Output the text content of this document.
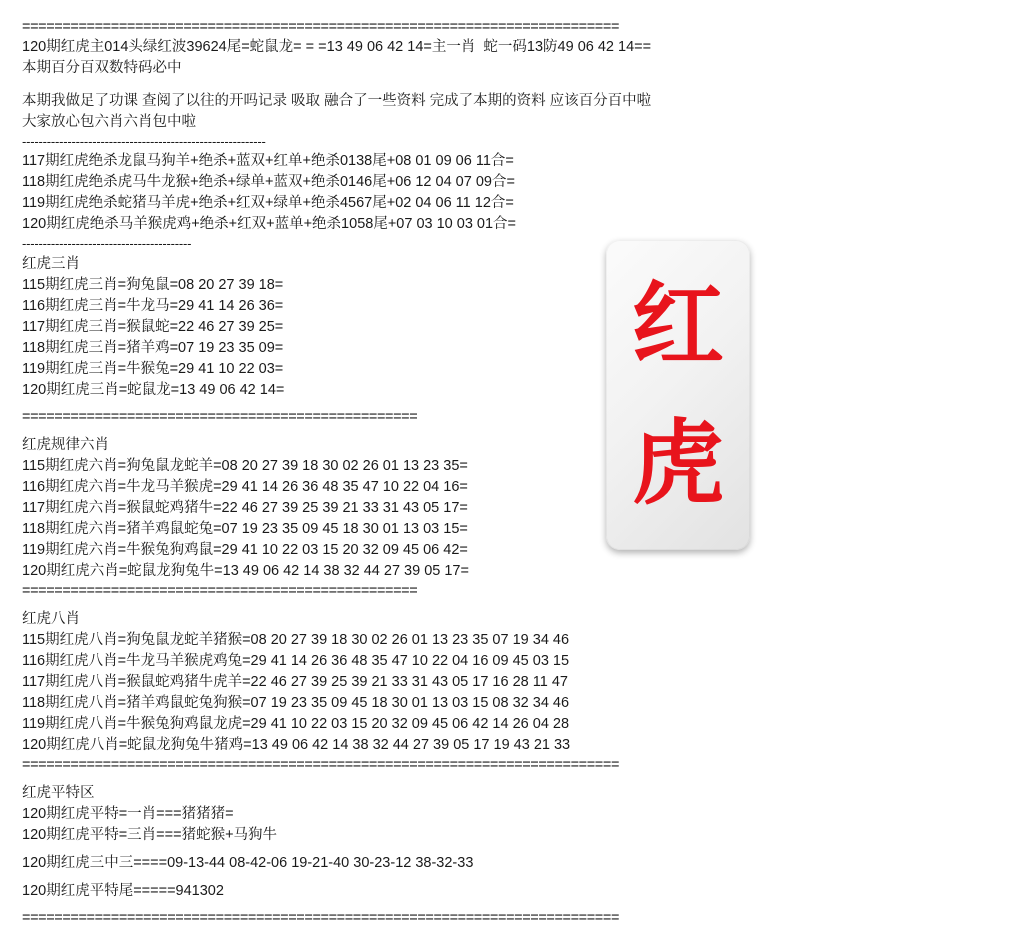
==========================================================================
120期红虎主014头绿红波39624尾=蛇鼠龙= = =13 49 06 42 14=主一肖  蛇一码13防49 06 42 14==
本期百分百双数特码必中
本期我做足了功课 查阅了以往的开吗记录 吸取 融合了一些资料 完成了本期的资料 应该百分百中啦
大家放心包六肖六肖包中啦
-----------------------------------------------------------
117期红虎绝杀龙鼠马狗羊+绝杀+蓝双+红单+绝杀0138尾+08 01 09 06 11合=
118期红虎绝杀虎马牛龙猴+绝杀+绿单+蓝双+绝杀0146尾+06 12 04 07 09合=
119期红虎绝杀蛇猪马羊虎+绝杀+红双+绿单+绝杀4567尾+02 04 06 11 12合=
120期红虎绝杀马羊猴虎鸡+绝杀+红双+蓝单+绝杀1058尾+07 03 10 03 01合=
-----------------------------------------
红虎三肖
115期红虎三肖=狗兔鼠=08 20 27 39 18=
116期红虎三肖=牛龙马=29 41 14 26 36=
117期红虎三肖=猴鼠蛇=22 46 27 39 25=
118期红虎三肖=猪羊鸡=07 19 23 35 09=
119期红虎三肖=牛猴兔=29 41 10 22 03=
120期红虎三肖=蛇鼠龙=13 49 06 42 14=
=================================================
红虎规律六肖
115期红虎六肖=狗兔鼠龙蛇羊=08 20 27 39 18 30 02 26 01 13 23 35=
116期红虎六肖=牛龙马羊猴虎=29 41 14 26 36 48 35 47 10 22 04 16=
117期红虎六肖=猴鼠蛇鸡猪牛=22 46 27 39 25 39 21 33 31 43 05 17=
118期红虎六肖=猪羊鸡鼠蛇兔=07 19 23 35 09 45 18 30 01 13 03 15=
119期红虎六肖=牛猴兔狗鸡鼠=29 41 10 22 03 15 20 32 09 45 06 42=
120期红虎六肖=蛇鼠龙狗兔牛=13 49 06 42 14 38 32 44 27 39 05 17=
=================================================
红虎八肖
115期红虎八肖=狗兔鼠龙蛇羊猪猴=08 20 27 39 18 30 02 26 01 13 23 35 07 19 34 46
116期红虎八肖=牛龙马羊猴虎鸡兔=29 41 14 26 36 48 35 47 10 22 04 16 09 45 03 15
117期红虎八肖=猴鼠蛇鸡猪牛虎羊=22 46 27 39 25 39 21 33 31 43 05 17 16 28 11 47
118期红虎八肖=猪羊鸡鼠蛇兔狗猴=07 19 23 35 09 45 18 30 01 13 03 15 08 32 34 46
119期红虎八肖=牛猴兔狗鸡鼠龙虎=29 41 10 22 03 15 20 32 09 45 06 42 14 26 04 28
120期红虎八肖=蛇鼠龙狗兔牛猪鸡=13 49 06 42 14 38 32 44 27 39 05 17 19 43 21 33
==========================================================================
红虎平特区
120期红虎平特=一肖===猪猪猪=
120期红虎平特=三肖===猪蛇猴+马狗牛
120期红虎三中三====09-13-44 08-42-06 19-21-40 30-23-12 38-32-33
120期红虎平特尾=====941302
==========================================================================
红
虎
